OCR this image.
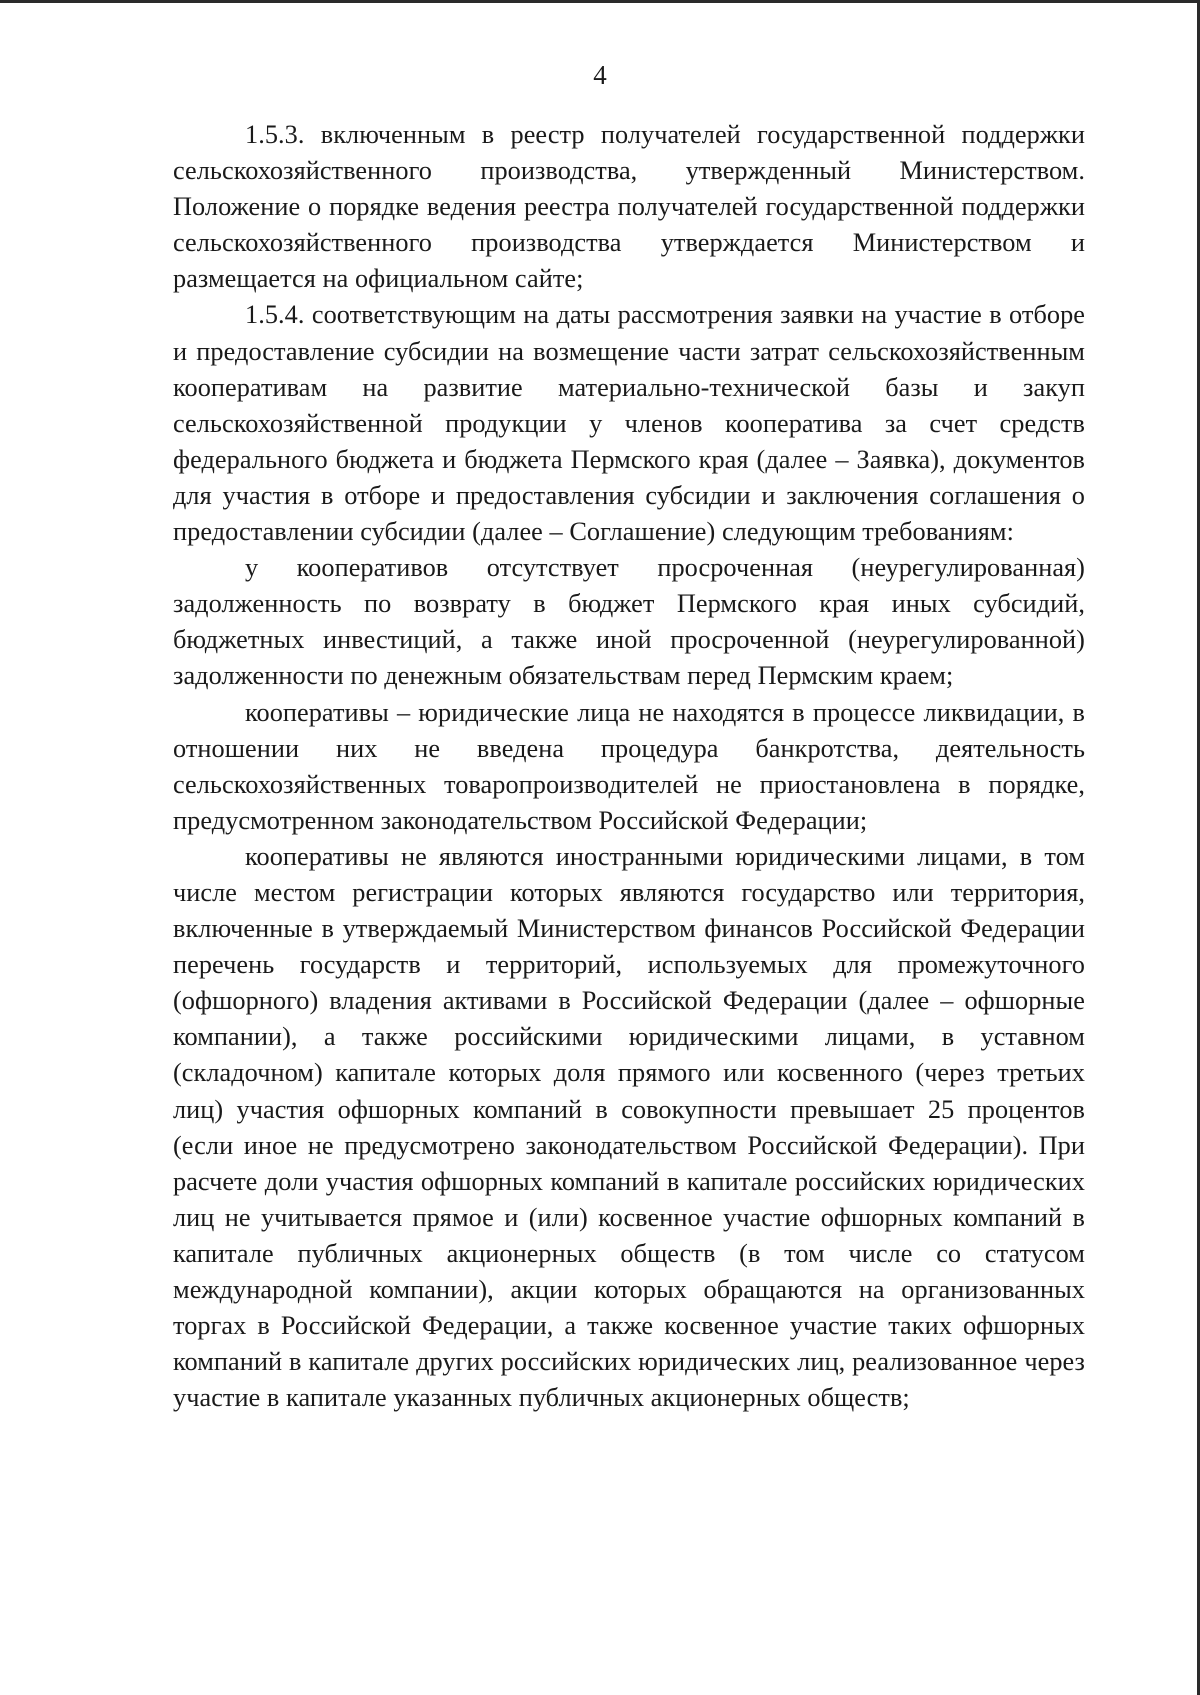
4

1.5.3. включенным в реестр получателей государственной поддержки сельскохозяйственного производства, утвержденный Министерством. Положение о порядке ведения реестра получателей государственной поддержки сельскохозяйственного производства утверждается Министерством и размещается на официальном сайте;

1.5.4. соответствующим на даты рассмотрения заявки на участие в отборе и предоставление субсидии на возмещение части затрат сельскохозяйственным кооперативам на развитие материально-технической базы и закуп сельскохозяйственной продукции у членов кооператива за счет средств федерального бюджета и бюджета Пермского края (далее – Заявка), документов для участия в отборе и предоставления субсидии и заключения соглашения о предоставлении субсидии (далее – Соглашение) следующим требованиям:

у кооперативов отсутствует просроченная (неурегулированная) задолженность по возврату в бюджет Пермского края иных субсидий, бюджетных инвестиций, а также иной просроченной (неурегулированной) задолженности по денежным обязательствам перед Пермским краем;

кооперативы – юридические лица не находятся в процессе ликвидации, в отношении них не введена процедура банкротства, деятельность сельскохозяйственных товаропроизводителей не приостановлена в порядке, предусмотренном законодательством Российской Федерации;

кооперативы не являются иностранными юридическими лицами, в том числе местом регистрации которых являются государство или территория, включенные в утверждаемый Министерством финансов Российской Федерации перечень государств и территорий, используемых для промежуточного (офшорного) владения активами в Российской Федерации (далее – офшорные компании), а также российскими юридическими лицами, в уставном (складочном) капитале которых доля прямого или косвенного (через третьих лиц) участия офшорных компаний в совокупности превышает 25 процентов (если иное не предусмотрено законодательством Российской Федерации). При расчете доли участия офшорных компаний в капитале российских юридических лиц не учитывается прямое и (или) косвенное участие офшорных компаний в капитале публичных акционерных обществ (в том числе со статусом международной компании), акции которых обращаются на организованных торгах в Российской Федерации, а также косвенное участие таких офшорных компаний в капитале других российских юридических лиц, реализованное через участие в капитале указанных публичных акционерных обществ;
